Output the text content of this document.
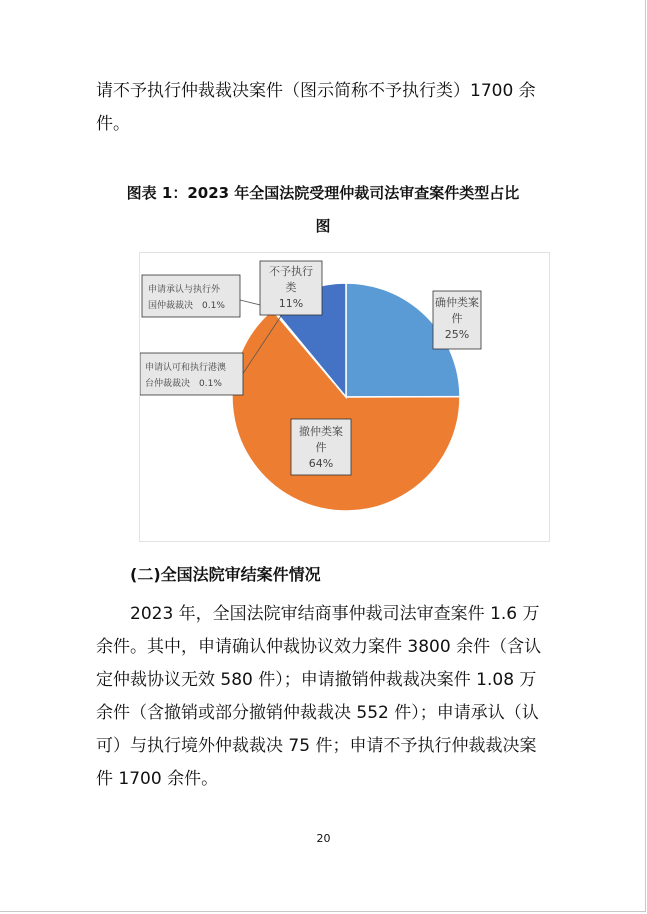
请不予执行仲裁裁决案件（图示简称不予执行类）1700 余件。

图表 1：2023 年全国法院受理仲裁司法审查案件类型占比
图
确仲类案
件
25%
撤仲类案
件
64%
不予执行
类
11%
申请承认与执行外
国仲裁裁决　0.1%
申请认可和执行港澳
台仲裁裁决　0.1%
(二)全国法院审结案件情况

2023 年，全国法院审结商事仲裁司法审查案件 1.6 万余件。其中，申请确认仲裁协议效力案件 3800 余件（含认定仲裁协议无效 580 件）；申请撤销仲裁裁决案件 1.08 万余件（含撤销或部分撤销仲裁裁决 552 件）；申请承认（认可）与执行境外仲裁裁决 75 件；申请不予执行仲裁裁决案件 1700 余件。

20
